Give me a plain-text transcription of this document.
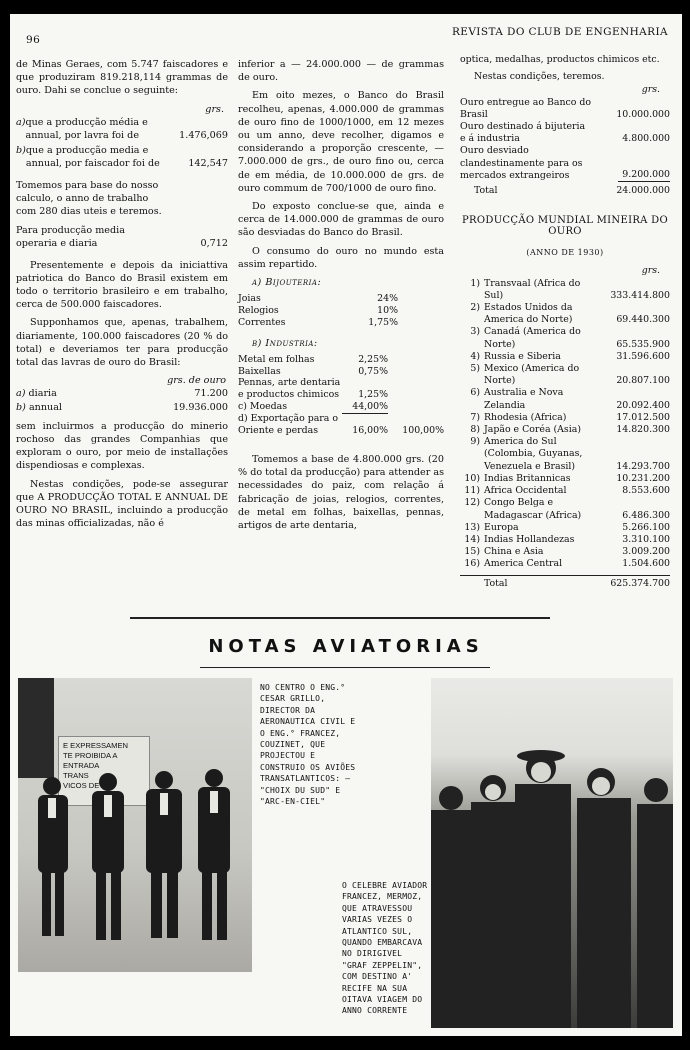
96
REVISTA DO CLUB DE ENGENHARIA

de Minas Geraes, com 5.747 faiscadores e que produziram 819.218,114 grammas de ouro. Dahi se conclue o seguinte:

grs.
a) que a producção média e annual, por lavra foi de	1.476,069
b) que a producção media e annual, por faiscador foi de	142,547
Tomemos para base do nosso calculo, o anno de trabalho com 280 dias uteis e teremos.
Para producção media operaria e diaria	0,712

Presentemente e depois da iniciattiva patriotica do Banco do Brasil existem em todo o territorio brasileiro e em trabalho, cerca de 500.000 faiscadores.

Supponhamos que, apenas, trabalhem, diariamente, 100.000 faiscadores (20 % do total) e deveriamos ter para producção total das lavras de ouro do Brasil:

grs. de ouro
a) diaria	71.200
b) annual	19.936.000

sem incluirmos a producção do minerio rochoso das grandes Companhias que exploram o ouro, por meio de installações dispendiosas e complexas.

Nestas condições, pode-se assegurar que A PRODUCÇÃO TOTAL E ANNUAL DE OURO NO BRASIL, incluindo a producção das minas officializadas, não é

inferior a — 24.000.000 — de grammas de ouro.

Em oito mezes, o Banco do Brasil recolheu, apenas, 4.000.000 de grammas de ouro fino de 1000/1000, em 12 mezes ou um anno, deve recolher, digamos e considerando a proporção crescente, — 7.000.000 de grs., de ouro fino ou, cerca de em média, de 10.000.000 de grs. de ouro commum de 700/1000 de ouro fino.

Do exposto conclue-se que, ainda e cerca de 14.000.000 de grammas de ouro são desviadas do Banco do Brasil.

O consumo do ouro no mundo esta assim repartido.

a) Bijouteria:
Joias	24%
Relogios	10%
Correntes	1,75%
b) Industria:
Metal em folhas	2,25%	
Baixellas	0,75%	
Pennas, arte dentaria e productos chimicos	1,25%	
c) Moedas	44,00%	
d) Exportação para o Oriente e perdas	16,00%	100,00%

Tomemos a base de 4.800.000 grs. (20 % do total da producção) para attender as necessidades do paiz, com relação á fabricação de joias, relogios, correntes, de metal em folhas, baixellas, pennas, artigos de arte dentaria,

optica, medalhas, productos chimicos etc.

Nestas condições, teremos.

grs.
Ouro entregue ao Banco do Brasil	10.000.000
Ouro destinado á bijuteria e á industria	4.800.000
Ouro desviado clandestinamente para os mercados extrangeiros	9.200.000
Total	24.000.000
PRODUCÇÃO MUNDIAL MINEIRA DO OURO
(ANNO DE 1930)
grs.
1) Transvaal (Africa do Sul)	333.414.800
2) Estados Unidos da America do Norte)	69.440.300
3) Canadá (America do Norte)	65.535.900
4) Russia e Siberia	31.596.600
5) Mexico (America do Norte)	20.807.100
6) Australia e Nova Zelandia	20.092.400
7) Rhodesia (Africa)	17.012.500
8) Japão e Coréa (Asia)	14.820.300
9) America do Sul (Colombia, Guyanas, Venezuela e Brasil)	14.293.700
10) Indias Britannicas	10.231.200
11) Africa Occidental	8.553.600
12) Congo Belga e Madagascar (Africa)	6.486.300
13) Europa	5.266.100
14) Indias Hollandezas	3.310.100
15) China e Asia	3.009.200
16) America Central	1.504.600
Total	625.374.700
NOTAS AVIATORIAS
E EXPRESSAMEN
TE PROIBIDA A
ENTRADA
TRANS
VICOS DE
NO CENTRO O ENG.° CESAR GRILLO, DIRECTOR DA AERONAUTICA CIVIL E O ENG.° FRANCEZ, COUZINET, QUE PROJECTOU E CONSTRUIO OS AVIÕES TRANSATLANTICOS: — "CHOIX DU SUD" E "ARC-EN-CIEL"
O CELEBRE AVIADOR FRANCEZ, MERMOZ, QUE ATRAVESSOU VARIAS VEZES O ATLANTICO SUL, QUANDO EMBARCAVA NO DIRIGIVEL "GRAF ZEPPELIN", COM DESTINO A' RECIFE NA SUA OITAVA VIAGEM DO ANNO CORRENTE
